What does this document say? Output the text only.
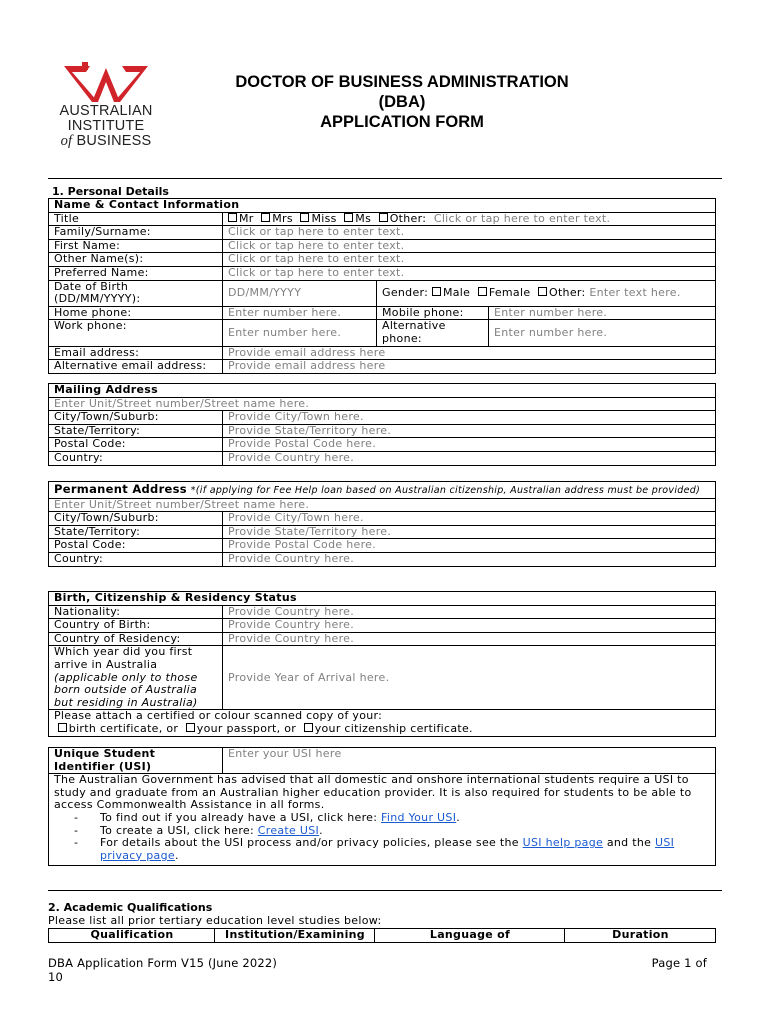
AUSTRALIAN
INSTITUTE
of BUSINESS
DOCTOR OF BUSINESS ADMINISTRATION
(DBA)
APPLICATION FORM
1. Personal Details
Name & Contact Information			
Title	Mr Mrs Miss Ms Other: Click or tap here to enter text.		
Family/Surname:	Click or tap here to enter text.		
First Name:	Click or tap here to enter text.		
Other Name(s):	Click or tap here to enter text.		
Preferred Name:	Click or tap here to enter text.		
Date of Birth (DD/MM/YYYY):	DD/MM/YYYY	Gender: Male Female Other: Enter text here.	
Home phone:	Enter number here.	Mobile phone:	Enter number here.
Work phone:	Enter number here.	Alternative phone:	Enter number here.
Email address:	Provide email address here		
Alternative email address:	Provide email address here		
Mailing Address	
Enter Unit/Street number/Street name here.	
City/Town/Suburb:	Provide City/Town here.
State/Territory:	Provide State/Territory here.
Postal Code:	Provide Postal Code here.
Country:	Provide Country here.
Permanent Address *(if applying for Fee Help loan based on Australian citizenship, Australian address must be provided)	
Enter Unit/Street number/Street name here.	
City/Town/Suburb:	Provide City/Town here.
State/Territory:	Provide State/Territory here.
Postal Code:	Provide Postal Code here.
Country:	Provide Country here.
Birth, Citizenship & Residency Status	
Nationality:	Provide Country here.
Country of Birth:	Provide Country here.
Country of Residency:	Provide Country here.

Which year did you first arrive in Australia
(applicable only to those born outside of Australia but residing in Australia)	Provide Year of Arrival here.

Please attach a certified or colour scanned copy of your:
birth certificate, or your passport, or your citizenship certificate.	
Unique Student Identifier (USI)	Enter your USI here

The Australian Government has advised that all domestic and onshore international students require a USI to study and graduate from an Australian higher education provider. It is also required for students to be able to access Commonwealth Assistance in all forms.
- To find out if you already have a USI, click here: Find Your USI.
- To create a USI, click here: Create USI.
- For details about the USI process and/or privacy policies, please see the USI help page and the USI privacy page.
2. Academic Qualifications
Please list all prior tertiary education level studies below:
Qualification	Institution/Examining	Language of	Duration
DBA Application Form V15 (June 2022)
10
Page 1 of
